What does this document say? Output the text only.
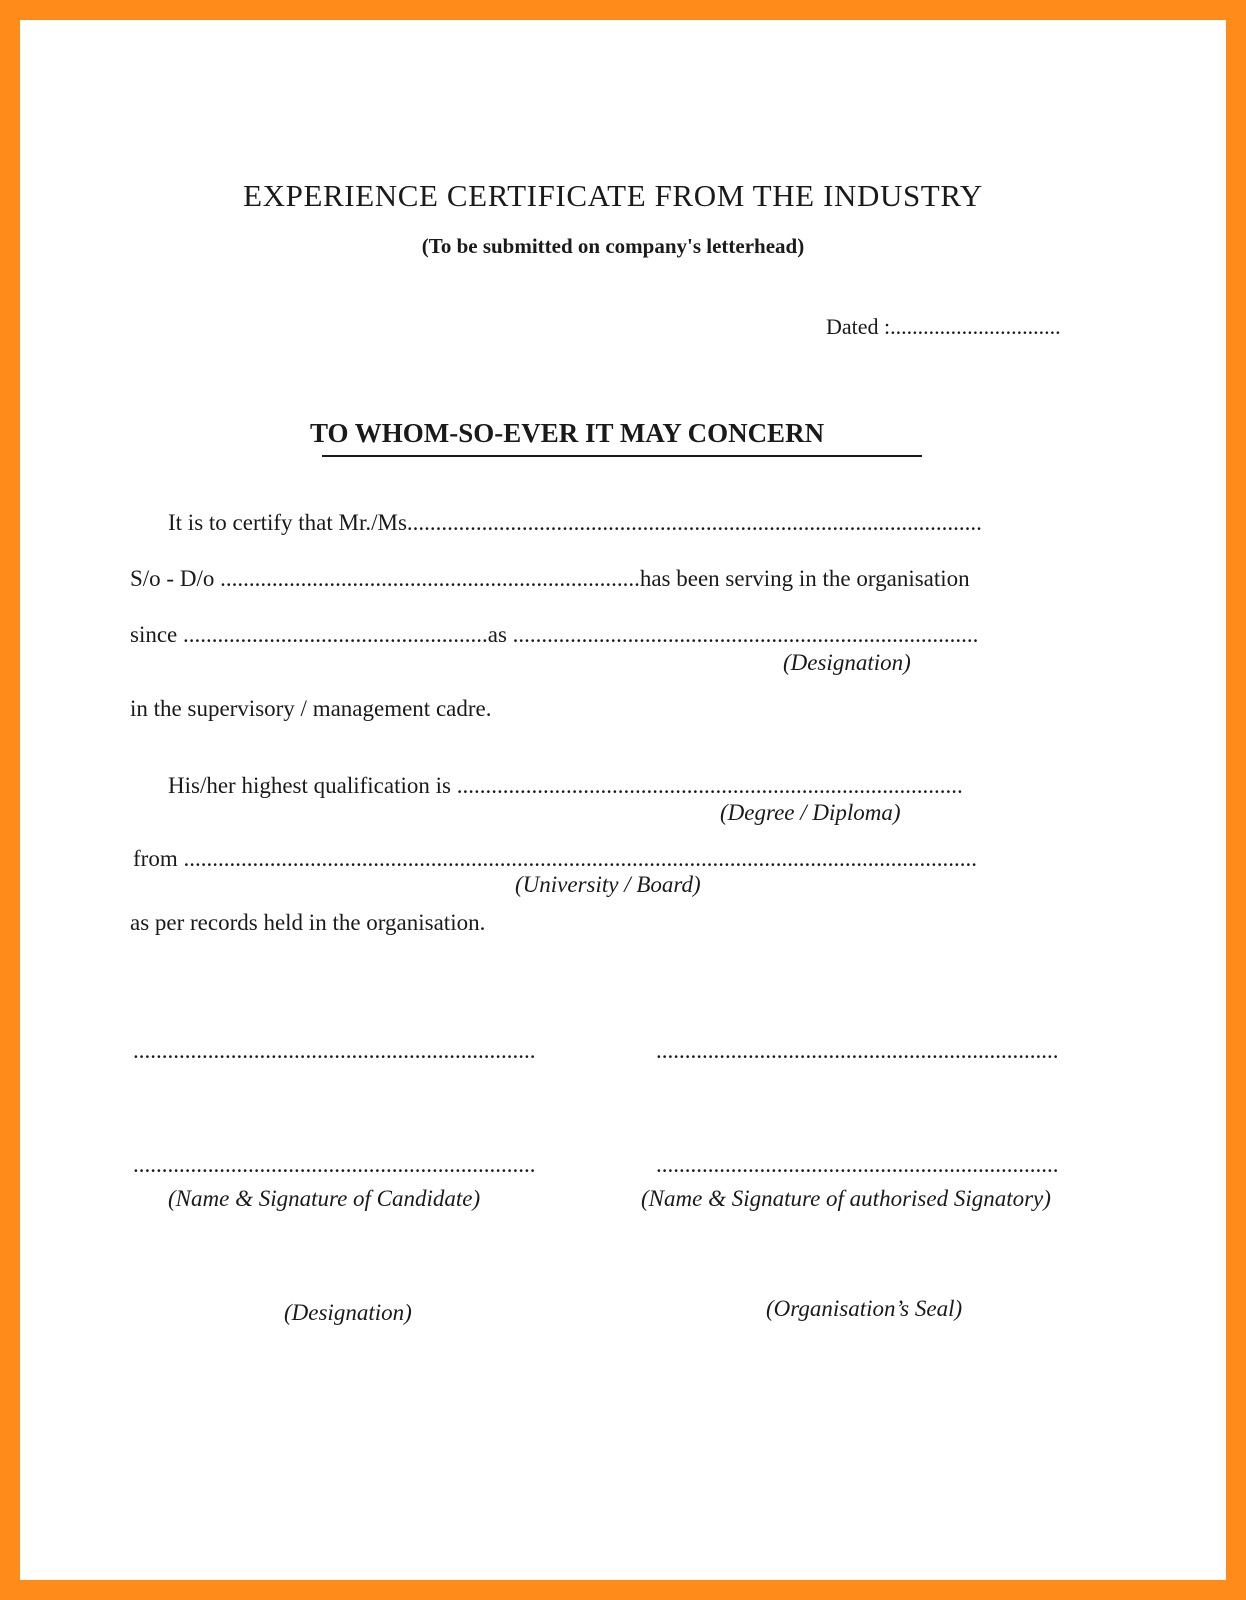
EXPERIENCE CERTIFICATE FROM THE INDUSTRY
(To be submitted on company's letterhead)
Dated :...............................
TO WHOM-SO-EVER IT MAY CONCERN
It is to certify that Mr./Ms....................................................................................................
S/o - D/o .........................................................................has been serving in the organisation
since .....................................................as .................................................................................
(Designation)
in the supervisory / management cadre.
His/her highest qualification is ........................................................................................
(Degree / Diploma)
from ..........................................................................................................................................
(University / Board)
as per records held in the organisation.
......................................................................	......................................................................
......................................................................	......................................................................
(Name & Signature of Candidate)	(Name & Signature of authorised Signatory)
(Designation)	(Organisation’s Seal)
